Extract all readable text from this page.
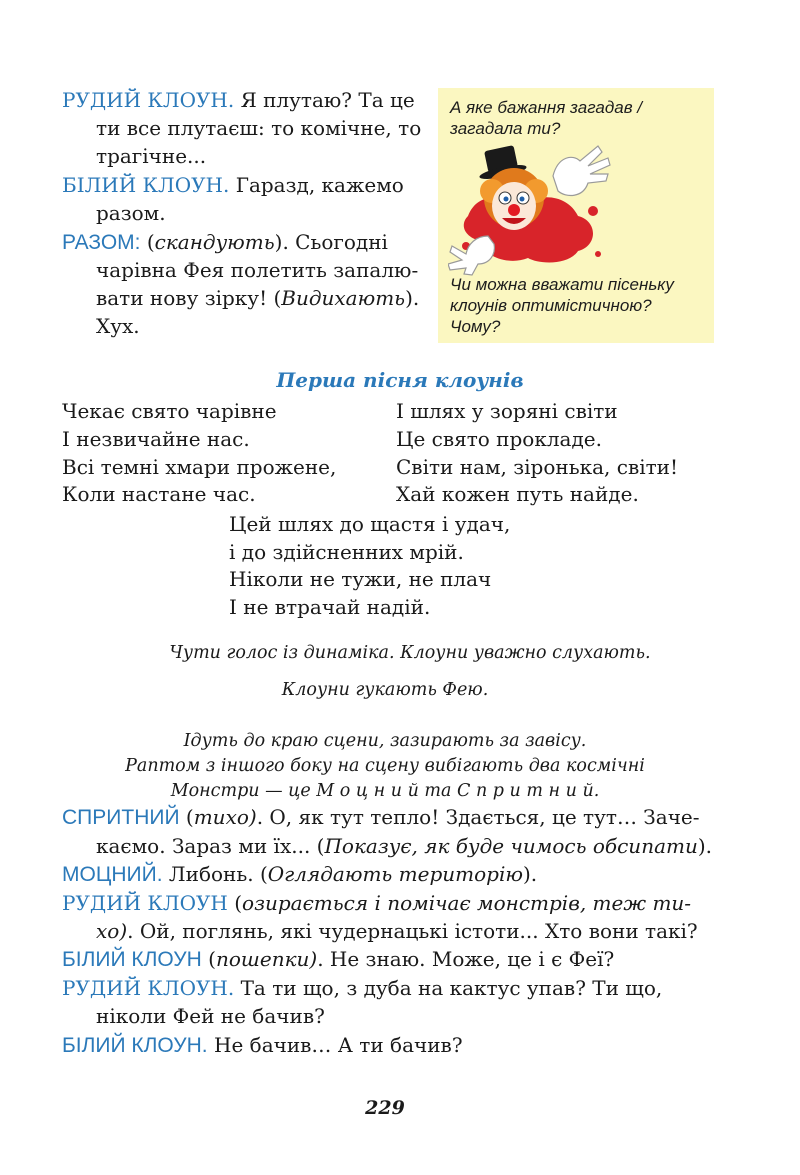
РУДИЙ КЛОУН. Я плутаю? Та це
ти все плутаєш: то комічне, то
трагічне...
БІЛИЙ КЛОУН. Гаразд, кажемо
разом.
РАЗОМ: (скандують). Сьогодні
чарівна Фея полетить запалю-
вати нову зірку! (Видихають).
Хух.
А яке бажання загадав /
загадала ти?
Чи можна вважати пісеньку
клоунів оптимістичною?
Чому?
Перша пісня клоунів
Чекає свято чарівне
І незвичайне нас.
Всі темні хмари прожене,
Коли настане час.
І шлях у зоряні світи
Це свято прокладе.
Світи нам, зіронька, світи!
Хай кожен путь найде.
Цей шлях до щастя і удач,
і до здійсненних мрій.
Ніколи не тужи, не плач
І не втрачай надій.
Чути голос із динаміка. Клоуни уважно слухають.
Клоуни гукають Фею.
Ідуть до краю сцени, зазирають за завісу.
Раптом з іншого боку на сцену вибігають два космічні
Монстри — це М о ц н и й та С п р и т н и й.
СПРИТНИЙ (тихо). О, як тут тепло! Здається, це тут… Заче-
каємо. Зараз ми їх... (Показує, як буде чимось обсипати).
МОЦНИЙ. Либонь. (Оглядають територію).
РУДИЙ КЛОУН (озирається і помічає монстрів, теж ти-
хо). Ой, поглянь, які чудернацькі істоти... Хто вони такі?
БІЛИЙ КЛОУН (пошепки). Не знаю. Може, це і є Феї?
РУДИЙ КЛОУН. Та ти що, з дуба на кактус упав? Ти що,
ніколи Фей не бачив?
БІЛИЙ КЛОУН. Не бачив… А ти бачив?
229
